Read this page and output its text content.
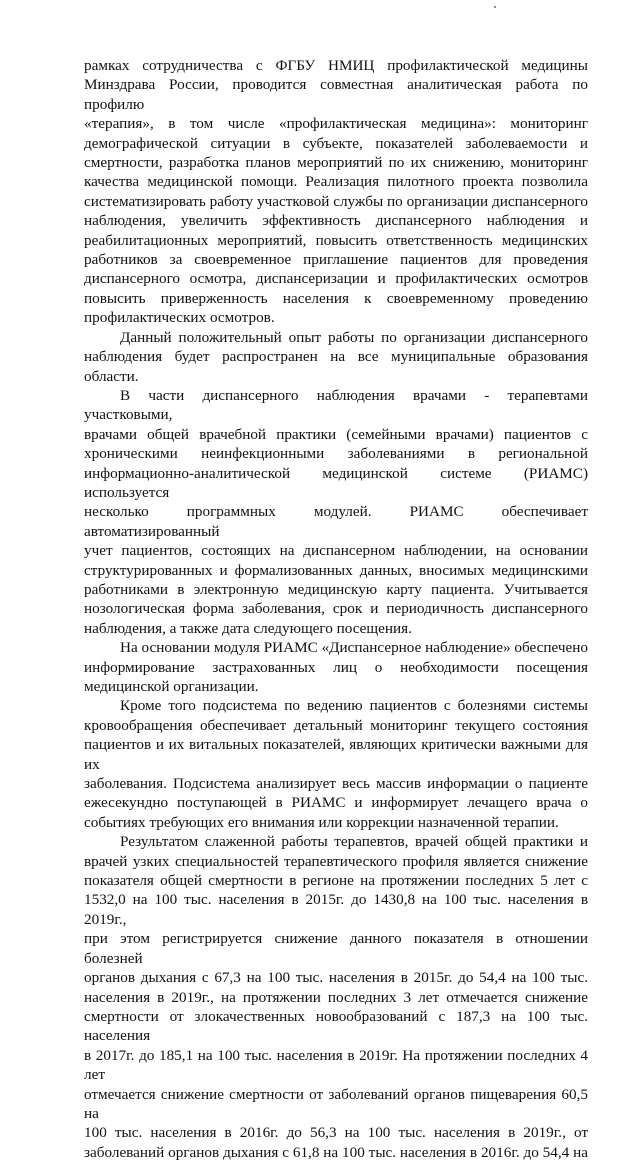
рамках сотрудничества с ФГБУ НМИЦ профилактической медицины

Минздрава России, проводится совместная аналитическая работа по профилю

«терапия», в том числе «профилактическая медицина»: мониторинг

демографической ситуации в субъекте, показателей заболеваемости и

смертности, разработка планов мероприятий по их снижению, мониторинг

качества медицинской помощи. Реализация пилотного проекта позволила

систематизировать работу участковой службы по организации диспансерного

наблюдения, увеличить эффективность диспансерного наблюдения и

реабилитационных мероприятий, повысить ответственность медицинских

работников за своевременное приглашение пациентов для проведения

диспансерного осмотра, диспансеризации и профилактических осмотров

повысить приверженность населения к своевременному проведению

профилактических осмотров.

Данный положительный опыт работы по организации диспансерного

наблюдения будет распространен на все муниципальные образования области.

В части диспансерного наблюдения врачами - терапевтами участковыми,

врачами общей врачебной практики (семейными врачами) пациентов с

хроническими неинфекционными заболеваниями в региональной

информационно-аналитической медицинской системе (РИАМС) используется

несколько программных модулей. РИАМС обеспечивает автоматизированный

учет пациентов, состоящих на диспансерном наблюдении, на основании

структурированных и формализованных данных, вносимых медицинскими

работниками в электронную медицинскую карту пациента. Учитывается

нозологическая форма заболевания, срок и периодичность диспансерного

наблюдения, а также дата следующего посещения.

На основании модуля РИАМС «Диспансерное наблюдение» обеспечено

информирование застрахованных лиц о необходимости посещения

медицинской организации.

Кроме того подсистема по ведению пациентов с болезнями системы

кровообращения обеспечивает детальный мониторинг текущего состояния

пациентов и их витальных показателей, являющих критически важными для их

заболевания. Подсистема анализирует весь массив информации о пациенте

ежесекундно поступающей в РИАМС и информирует лечащего врача о

событиях требующих его внимания или коррекции назначенной терапии.

Результатом слаженной работы терапевтов, врачей общей практики и

врачей узких специальностей терапевтического профиля является снижение

показателя общей смертности в регионе на протяжении последних 5 лет с

1532,0 на 100 тыс. населения в 2015г. до 1430,8 на 100 тыс. населения в 2019г.,

при этом регистрируется снижение данного показателя в отношении болезней

органов дыхания с 67,3 на 100 тыс. населения в 2015г. до 54,4 на 100 тыс.

населения в 2019г., на протяжении последних 3 лет отмечается снижение

смертности от злокачественных новообразований с 187,3 на 100 тыс. населения

в 2017г. до 185,1 на 100 тыс. населения в 2019г. На протяжении последних 4 лет

отмечается снижение смертности от заболеваний органов пищеварения 60,5 на

100 тыс. населения в 2016г. до 56,3 на 100 тыс. населения в 2019г., от

заболеваний органов дыхания с 61,8 на 100 тыс. населения в 2016г. до 54,4 на
